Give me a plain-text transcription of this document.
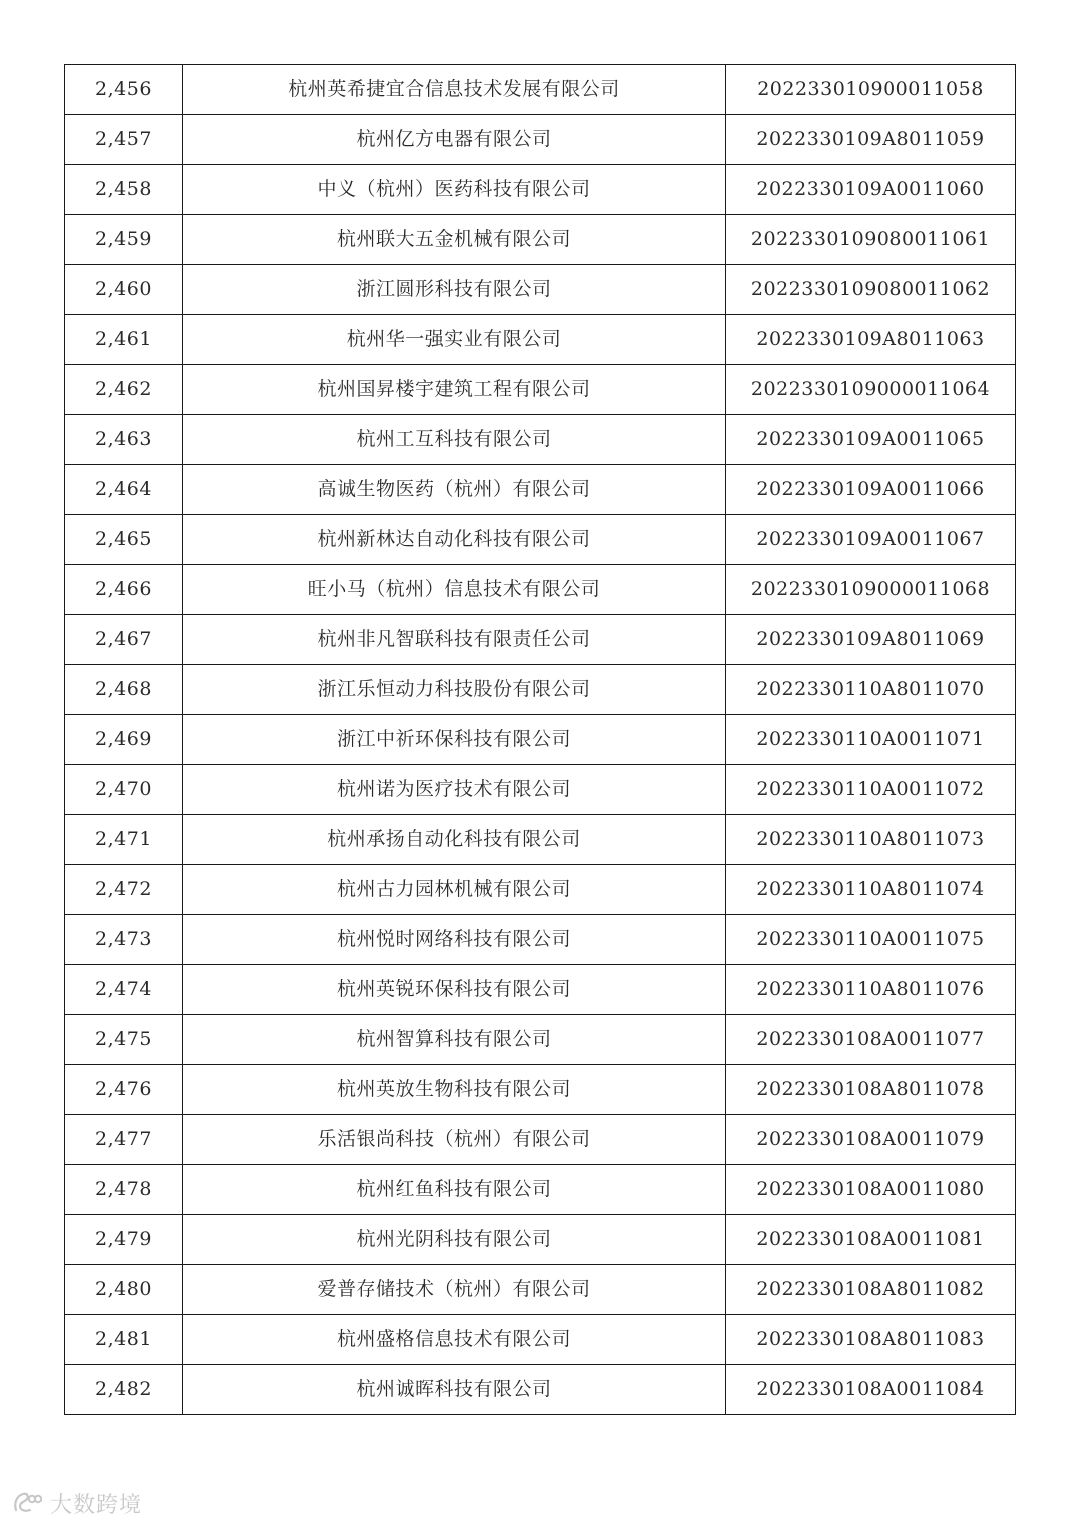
2,456	杭州英希捷宜合信息技术发展有限公司	202233010900011058
2,457	杭州亿方电器有限公司	2022330109A8011059
2,458	中义（杭州）医药科技有限公司	2022330109A0011060
2,459	杭州联大五金机械有限公司	2022330109080011061
2,460	浙江圆形科技有限公司	2022330109080011062
2,461	杭州华一强实业有限公司	2022330109A8011063
2,462	杭州国昇楼宇建筑工程有限公司	2022330109000011064
2,463	杭州工互科技有限公司	2022330109A0011065
2,464	高诚生物医药（杭州）有限公司	2022330109A0011066
2,465	杭州新林达自动化科技有限公司	2022330109A0011067
2,466	旺小马（杭州）信息技术有限公司	2022330109000011068
2,467	杭州非凡智联科技有限责任公司	2022330109A8011069
2,468	浙江乐恒动力科技股份有限公司	2022330110A8011070
2,469	浙江中祈环保科技有限公司	2022330110A0011071
2,470	杭州诺为医疗技术有限公司	2022330110A0011072
2,471	杭州承扬自动化科技有限公司	2022330110A8011073
2,472	杭州古力园林机械有限公司	2022330110A8011074
2,473	杭州悦时网络科技有限公司	2022330110A0011075
2,474	杭州英锐环保科技有限公司	2022330110A8011076
2,475	杭州智算科技有限公司	2022330108A0011077
2,476	杭州英放生物科技有限公司	2022330108A8011078
2,477	乐活银尚科技（杭州）有限公司	2022330108A0011079
2,478	杭州红鱼科技有限公司	2022330108A0011080
2,479	杭州光阴科技有限公司	2022330108A0011081
2,480	爱普存储技术（杭州）有限公司	2022330108A8011082
2,481	杭州盛格信息技术有限公司	2022330108A8011083
2,482	杭州诚晖科技有限公司	2022330108A0011084
大数跨境
